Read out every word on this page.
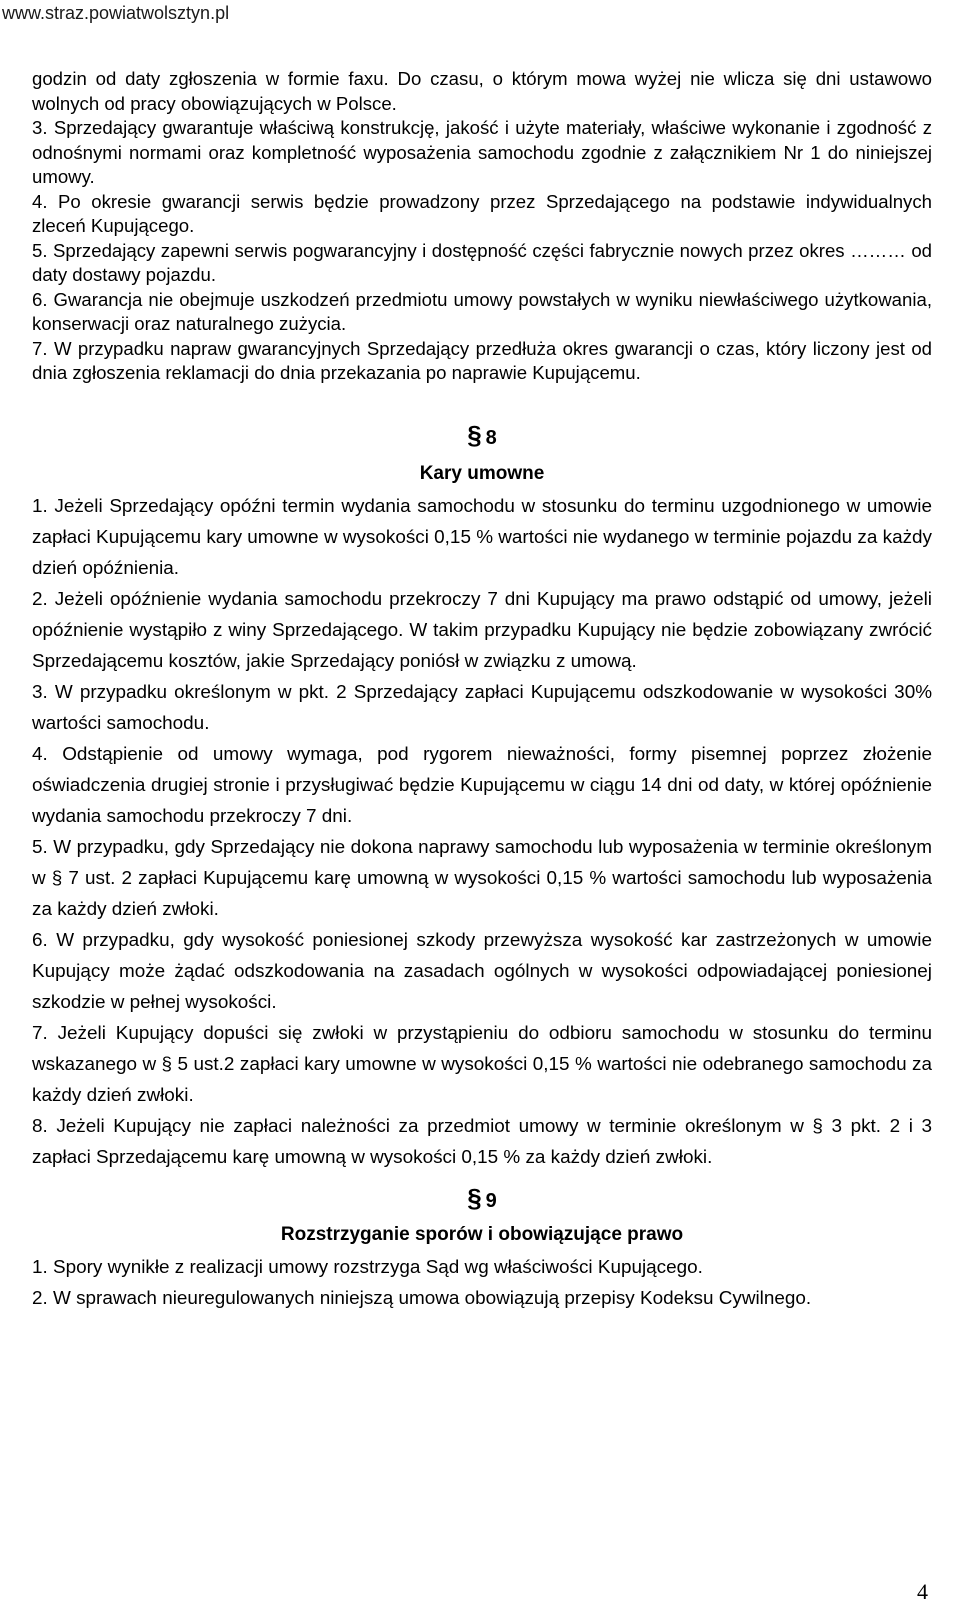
www.straz.powiatwolsztyn.pl

godzin od daty zgłoszenia w formie faxu. Do czasu, o którym mowa wyżej nie wlicza się dni ustawowo wolnych od pracy obowiązujących w Polsce.

3. Sprzedający gwarantuje właściwą konstrukcję, jakość i użyte materiały, właściwe wykonanie i zgodność z odnośnymi normami oraz kompletność wyposażenia samochodu zgodnie z załącznikiem Nr 1 do niniejszej umowy.

4. Po okresie gwarancji serwis będzie prowadzony przez Sprzedającego na podstawie indywidualnych zleceń Kupującego.

5. Sprzedający zapewni serwis pogwarancyjny i dostępność części fabrycznie nowych przez okres ……… od daty dostawy pojazdu.

6. Gwarancja nie obejmuje uszkodzeń przedmiotu umowy powstałych w wyniku niewłaściwego użytkowania, konserwacji oraz naturalnego zużycia.

7. W przypadku napraw gwarancyjnych Sprzedający przedłuża okres gwarancji o czas, który liczony jest od dnia zgłoszenia reklamacji do dnia przekazania po naprawie Kupującemu.

§ 8

Kary umowne

1. Jeżeli Sprzedający opóźni termin wydania samochodu w stosunku do terminu uzgodnionego w umowie zapłaci Kupującemu kary umowne w wysokości 0,15 % wartości nie wydanego w terminie pojazdu za każdy dzień opóźnienia.

2. Jeżeli opóźnienie wydania samochodu przekroczy 7 dni Kupujący ma prawo odstąpić od umowy, jeżeli opóźnienie wystąpiło z winy Sprzedającego. W takim przypadku Kupujący nie będzie zobowiązany zwrócić Sprzedającemu kosztów, jakie Sprzedający poniósł w związku z umową.

3. W przypadku określonym w pkt. 2 Sprzedający zapłaci Kupującemu odszkodowanie w wysokości 30% wartości samochodu.

4. Odstąpienie od umowy wymaga, pod rygorem nieważności, formy pisemnej poprzez złożenie oświadczenia drugiej stronie i przysługiwać będzie Kupującemu w ciągu 14 dni od daty, w której opóźnienie wydania samochodu przekroczy 7 dni.

5. W przypadku, gdy Sprzedający nie dokona naprawy samochodu lub wyposażenia w terminie określonym w § 7 ust. 2 zapłaci Kupującemu karę umowną w wysokości 0,15 % wartości samochodu lub wyposażenia za każdy dzień zwłoki.

6. W przypadku, gdy wysokość poniesionej szkody przewyższa wysokość kar zastrzeżonych w umowie Kupujący może żądać odszkodowania na zasadach ogólnych w wysokości odpowiadającej poniesionej szkodzie w pełnej wysokości.

7. Jeżeli Kupujący dopuści się zwłoki w przystąpieniu do odbioru samochodu w stosunku do terminu wskazanego w § 5 ust.2 zapłaci kary umowne w wysokości 0,15 % wartości nie odebranego samochodu za każdy dzień zwłoki.

8. Jeżeli Kupujący nie zapłaci należności za przedmiot umowy w terminie określonym w § 3 pkt. 2 i 3 zapłaci Sprzedającemu karę umowną w wysokości 0,15 % za każdy dzień zwłoki.

§ 9

Rozstrzyganie sporów i obowiązujące prawo

1. Spory wynikłe z realizacji umowy rozstrzyga Sąd wg właściwości Kupującego.

2. W sprawach nieuregulowanych niniejszą umowa obowiązują przepisy Kodeksu Cywilnego.

4
